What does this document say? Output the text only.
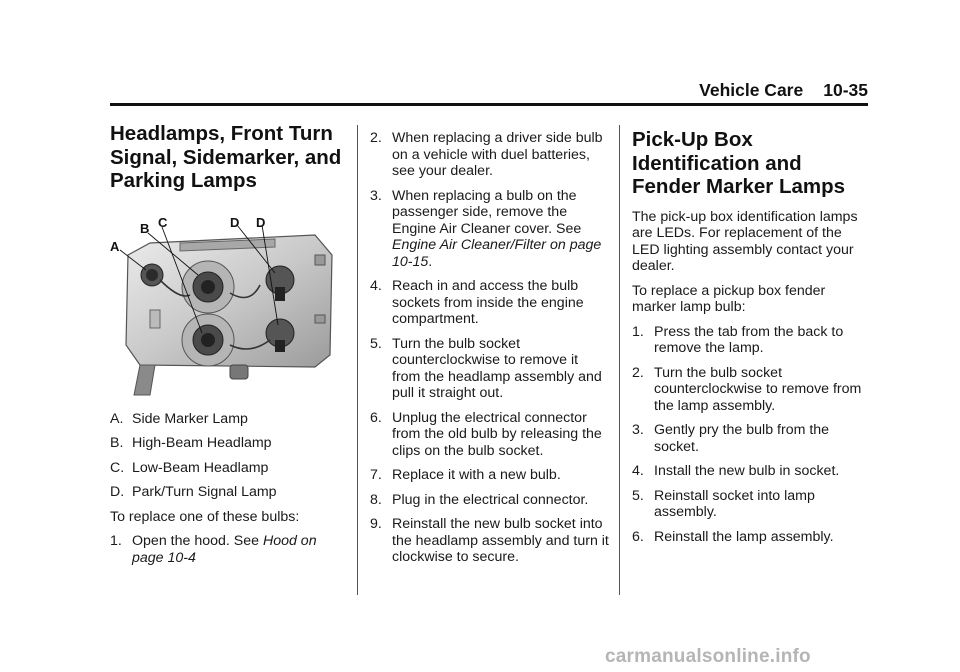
Vehicle Care 10-35
Headlamps, Front Turn Signal, Sidemarker, and Parking Lamps
A
B C	D D
A. Side Marker Lamp
B. High-Beam Headlamp
C. Low-Beam Headlamp
D. Park/Turn Signal Lamp

To replace one of these bulbs:

1. Open the hood. See Hood on page 10-4
2. When replacing a driver side bulb on a vehicle with duel batteries, see your dealer.
3. When replacing a bulb on the passenger side, remove the Engine Air Cleaner cover. See Engine Air Cleaner/Filter on page 10-15.
4. Reach in and access the bulb sockets from inside the engine compartment.
5. Turn the bulb socket counterclockwise to remove it from the headlamp assembly and pull it straight out.
6. Unplug the electrical connector from the old bulb by releasing the clips on the bulb socket.
7. Replace it with a new bulb.
8. Plug in the electrical connector.
9. Reinstall the new bulb socket into the headlamp assembly and turn it clockwise to secure.
Pick-Up Box Identification and Fender Marker Lamps

The pick-up box identification lamps are LEDs. For replacement of the LED lighting assembly contact your dealer.

To replace a pickup box fender marker lamp bulb:

1. Press the tab from the back to remove the lamp.
2. Turn the bulb socket counterclockwise to remove from the lamp assembly.
3. Gently pry the bulb from the socket.
4. Install the new bulb in socket.
5. Reinstall socket into lamp assembly.
6. Reinstall the lamp assembly.
carmanualsonline.info
